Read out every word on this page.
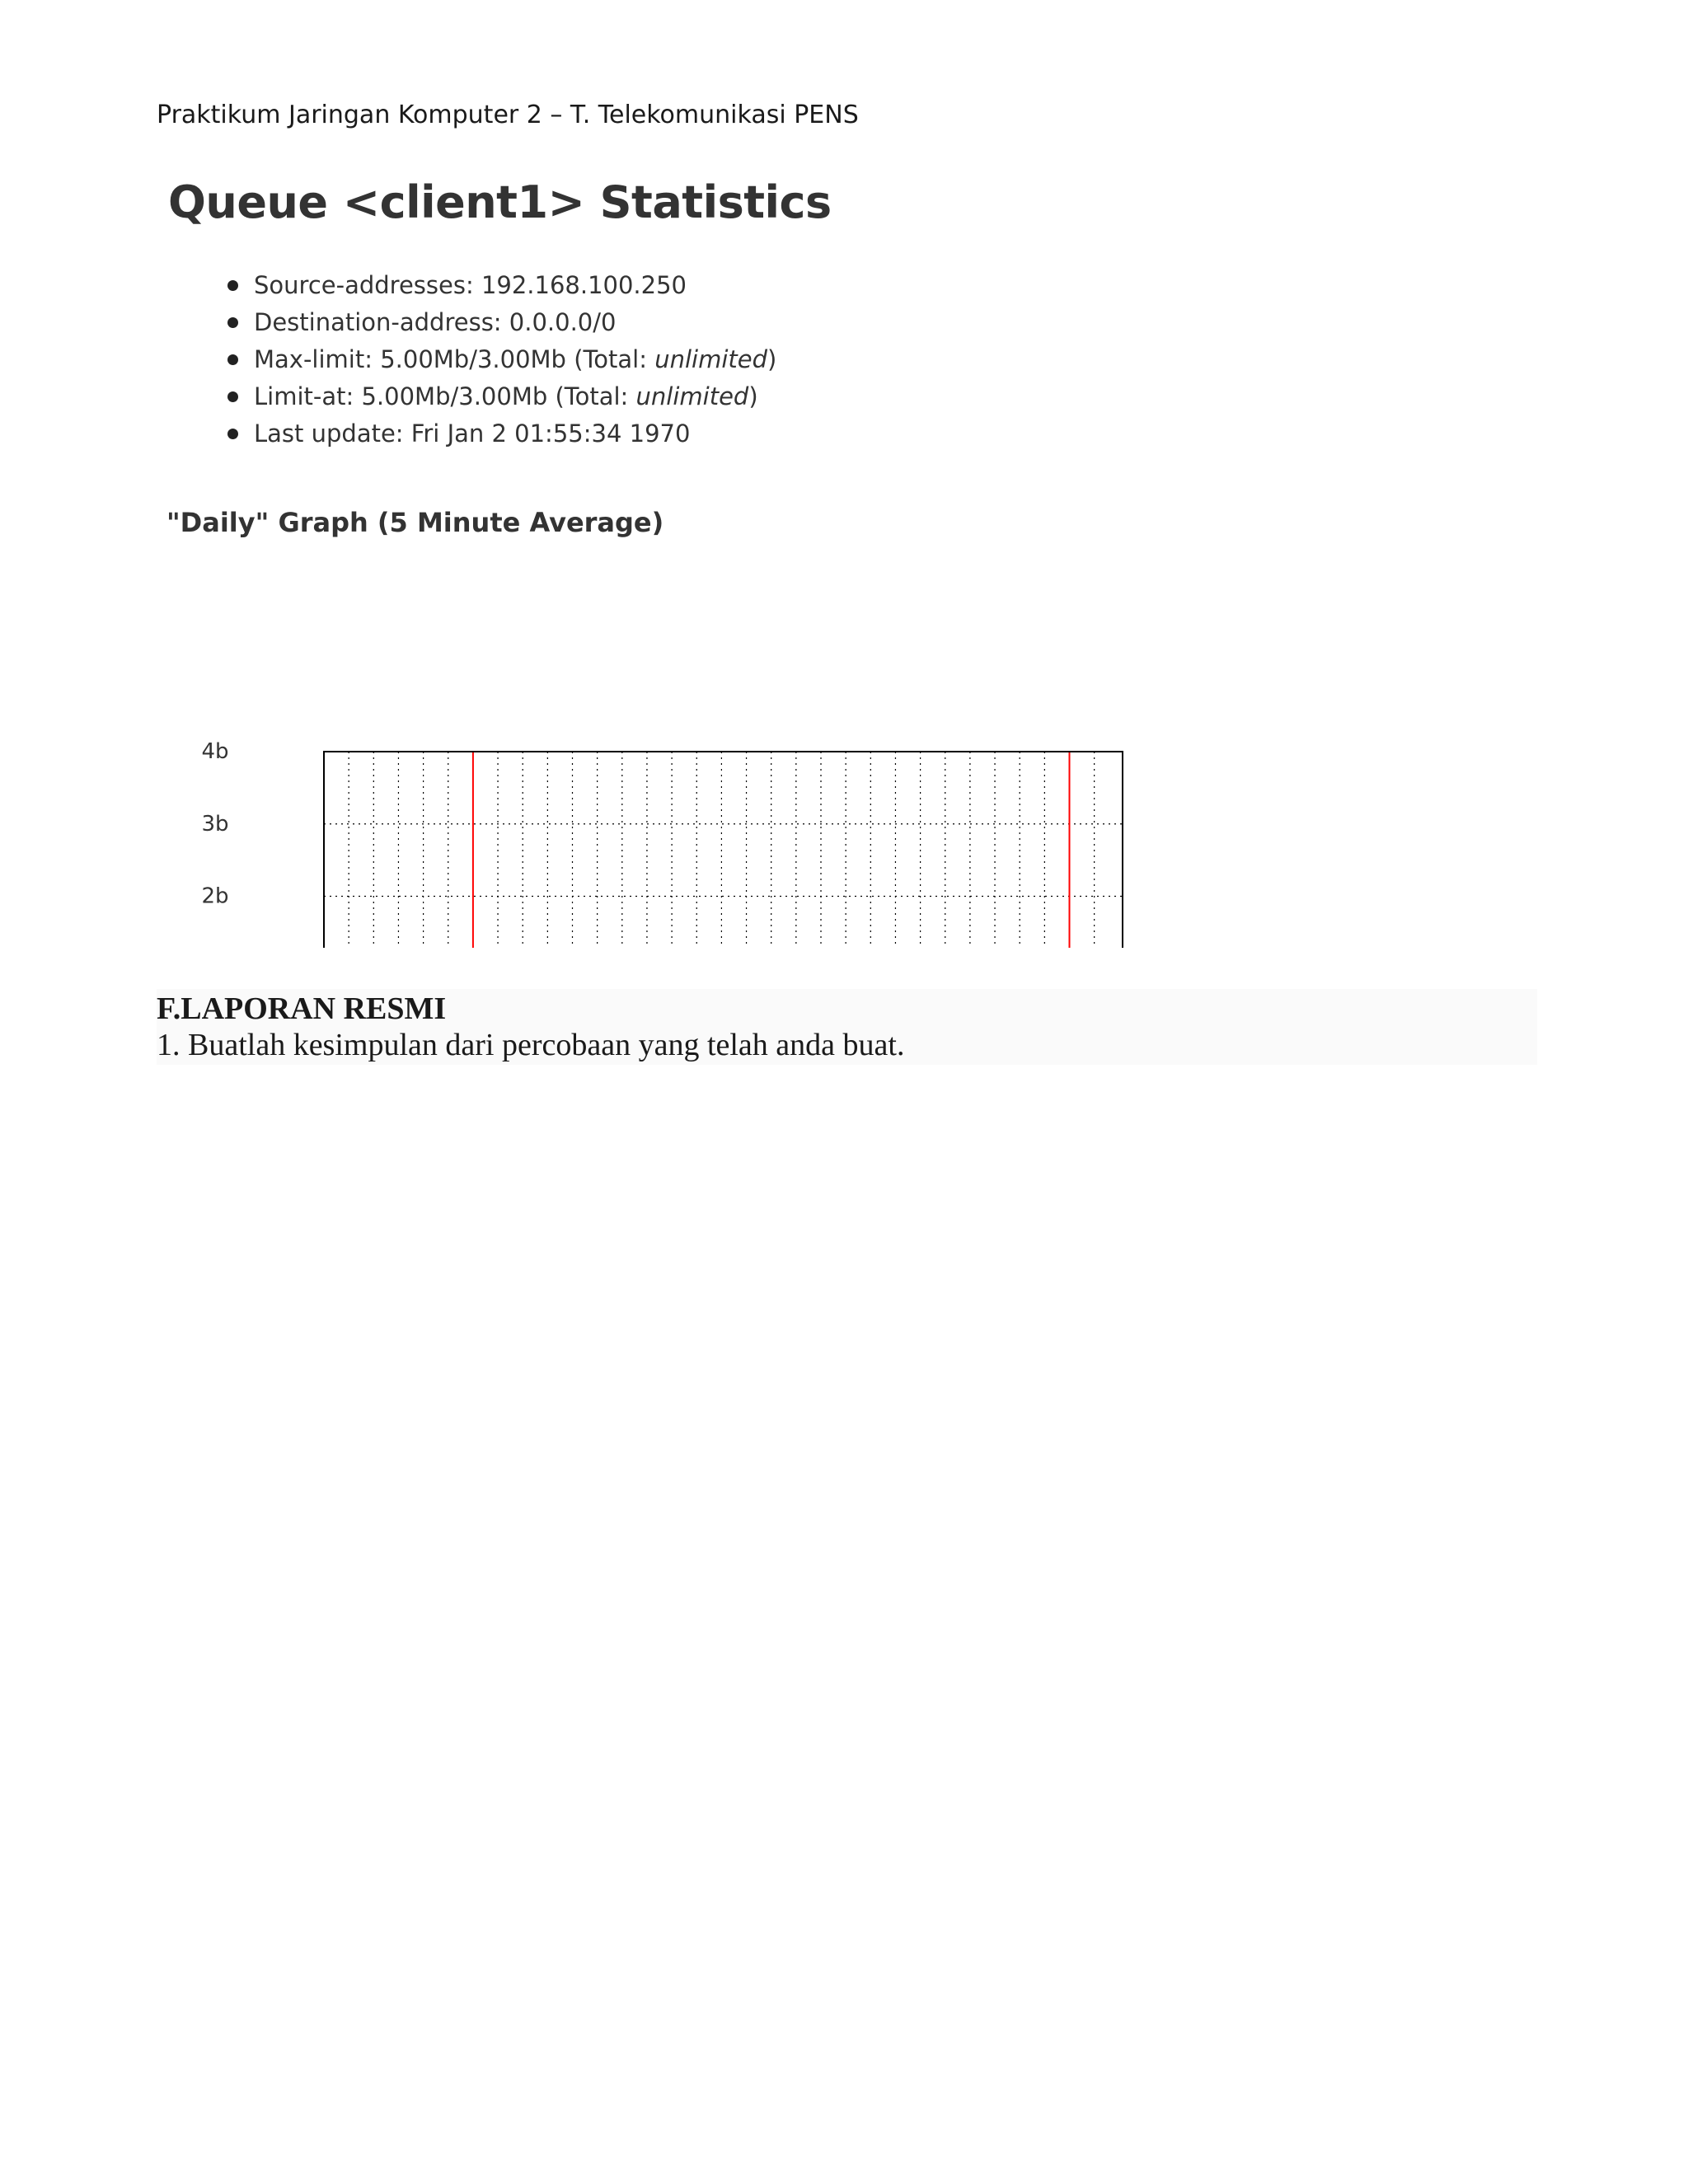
Praktikum Jaringan Komputer 2 – T. Telekomunikasi PENS
Queue <client1> Statistics
Source-addresses: 192.168.100.250
Destination-address: 0.0.0.0/0
Max-limit: 5.00Mb/3.00Mb (Total: unlimited)
Limit-at: 5.00Mb/3.00Mb (Total: unlimited)
Last update: Fri Jan 2 01:55:34 1970
"Daily" Graph (5 Minute Average)
2b
3b
4b
F.LAPORAN RESMI
1. Buatlah kesimpulan dari percobaan yang telah anda buat.
